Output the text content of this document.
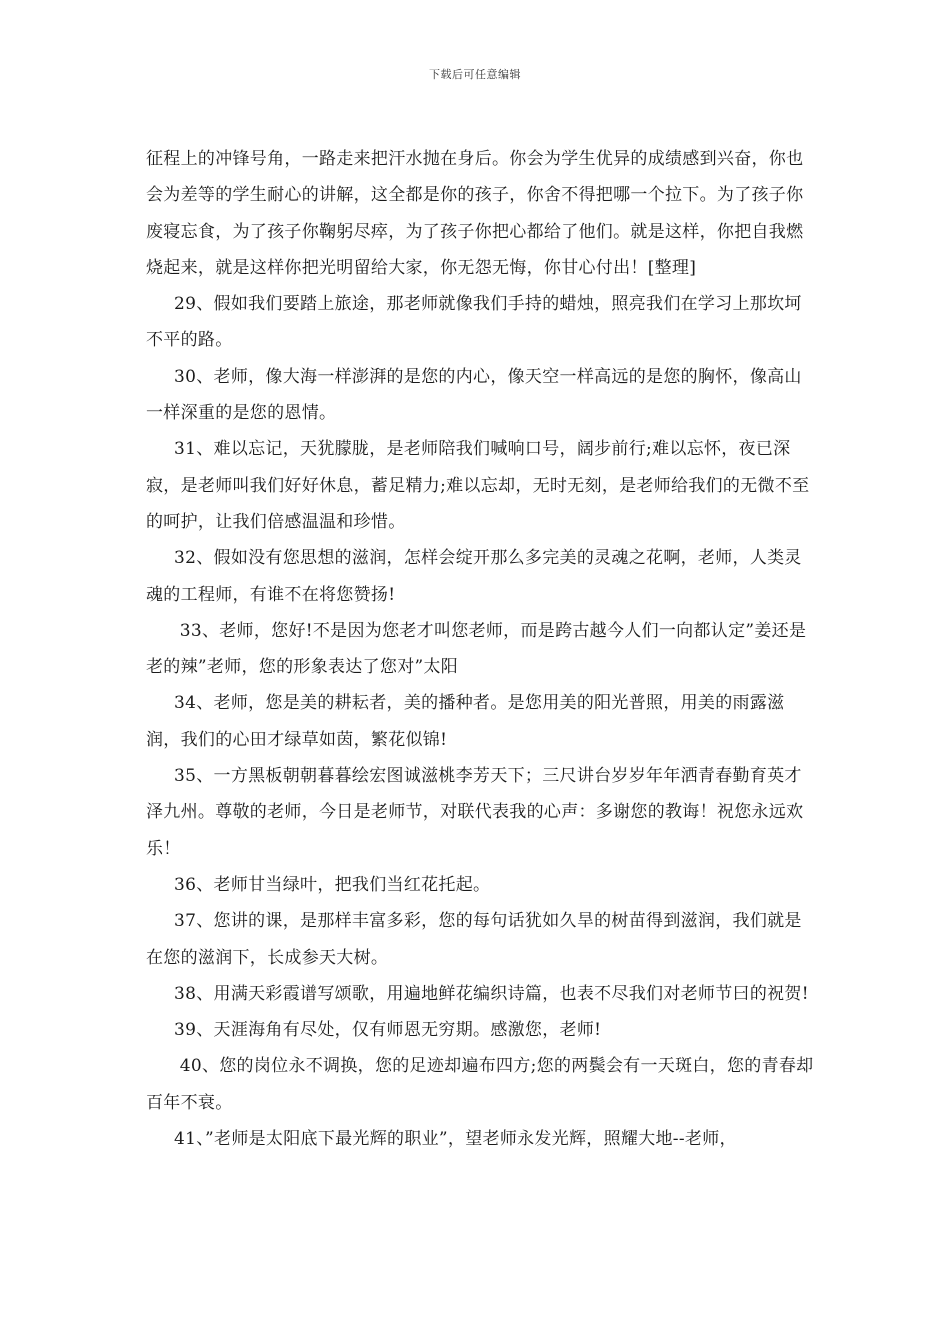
下载后可任意编辑

征程上的冲锋号角，一路走来把汗水抛在身后。你会为学生优异的成绩感到兴奋，你也会为差等的学生耐心的讲解，这全都是你的孩子，你舍不得把哪一个拉下。为了孩子你废寝忘食，为了孩子你鞠躬尽瘁，为了孩子你把心都给了他们。就是这样，你把自我燃烧起来，就是这样你把光明留给大家，你无怨无悔，你甘心付出！[整理]

29、假如我们要踏上旅途，那老师就像我们手持的蜡烛，照亮我们在学习上那坎坷不平的路。

30、老师，像大海一样澎湃的是您的内心，像天空一样高远的是您的胸怀，像高山一样深重的是您的恩情。

31、难以忘记，天犹朦胧，是老师陪我们喊响口号，阔步前行;难以忘怀，夜已深寂，是老师叫我们好好休息，蓄足精力;难以忘却，无时无刻，是老师给我们的无微不至的呵护，让我们倍感温温和珍惜。

32、假如没有您思想的滋润，怎样会绽开那么多完美的灵魂之花啊，老师，人类灵魂的工程师，有谁不在将您赞扬!

33、老师，您好!不是因为您老才叫您老师，而是跨古越今人们一向都认定”姜还是老的辣”老师，您的形象表达了您对”太阳

34、老师，您是美的耕耘者，美的播种者。是您用美的阳光普照，用美的雨露滋润，我们的心田才绿草如茵，繁花似锦!

35、一方黑板朝朝暮暮绘宏图诚滋桃李芳天下；三尺讲台岁岁年年洒青春勤育英才泽九州。尊敬的老师，今日是老师节，对联代表我的心声：多谢您的教诲！祝您永远欢乐！

36、老师甘当绿叶，把我们当红花托起。

37、您讲的课，是那样丰富多彩，您的每句话犹如久旱的树苗得到滋润，我们就是在您的滋润下，长成参天大树。

38、用满天彩霞谱写颂歌，用遍地鲜花编织诗篇，也表不尽我们对老师节曰的祝贺!

39、天涯海角有尽处，仅有师恩无穷期。感激您，老师!

40、您的岗位永不调换，您的足迹却遍布四方;您的两鬓会有一天斑白，您的青春却百年不衰。

41、”老师是太阳底下最光辉的职业”，望老师永发光辉，照耀大地--老师，
